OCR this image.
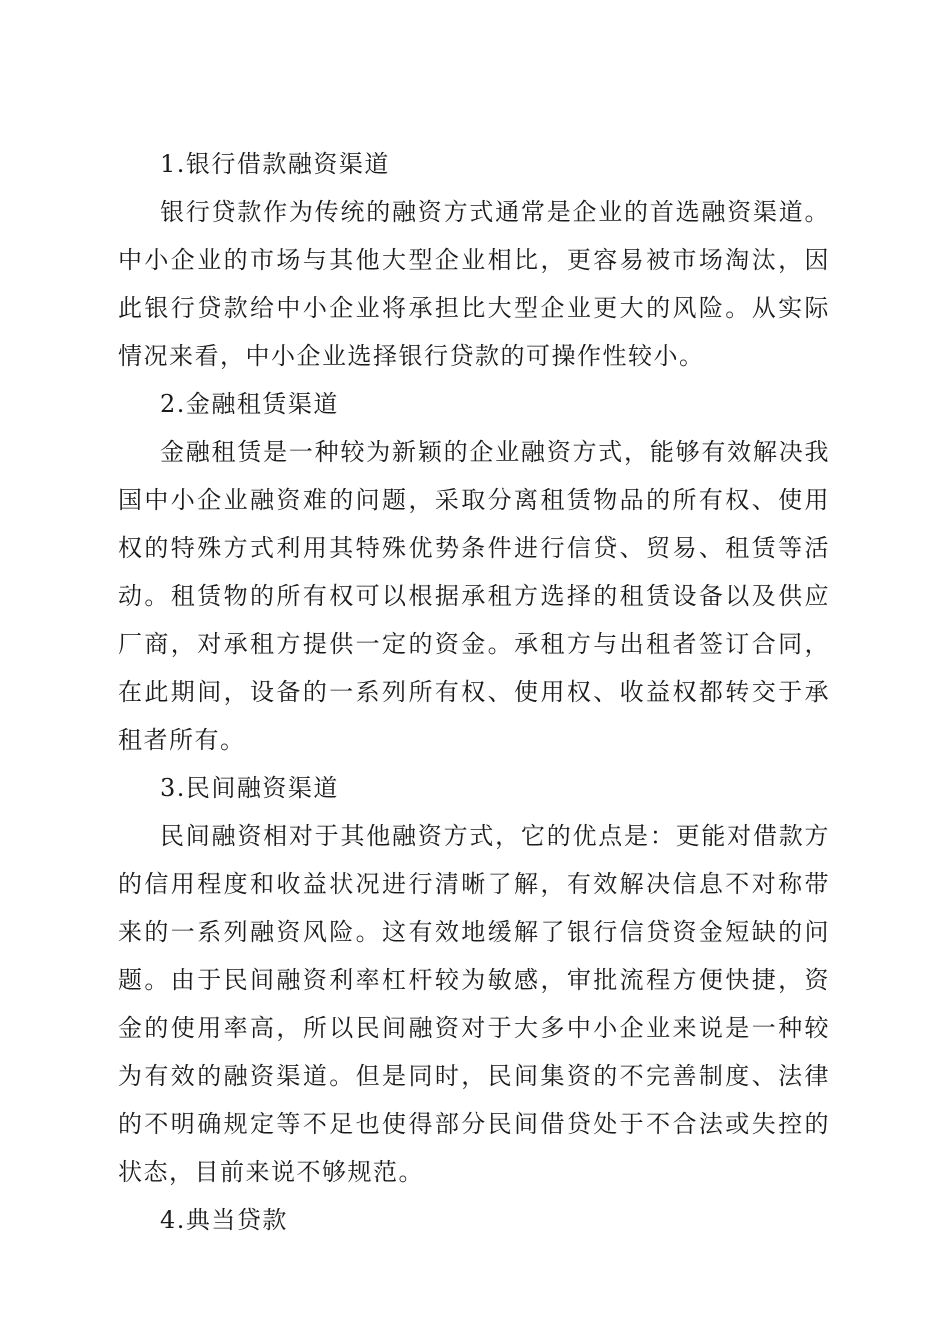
1.银行借款融资渠道

银行贷款作为传统的融资方式通常是企业的首选融资渠道。中小企业的市场与其他大型企业相比，更容易被市场淘汰，因此银行贷款给中小企业将承担比大型企业更大的风险。从实际情况来看，中小企业选择银行贷款的可操作性较小。

2.金融租赁渠道

金融租赁是一种较为新颖的企业融资方式，能够有效解决我国中小企业融资难的问题，采取分离租赁物品的所有权、使用权的特殊方式利用其特殊优势条件进行信贷、贸易、租赁等活动。租赁物的所有权可以根据承租方选择的租赁设备以及供应厂商，对承租方提供一定的资金。承租方与出租者签订合同，在此期间，设备的一系列所有权、使用权、收益权都转交于承租者所有。

3.民间融资渠道

民间融资相对于其他融资方式，它的优点是：更能对借款方的信用程度和收益状况进行清晰了解，有效解决信息不对称带来的一系列融资风险。这有效地缓解了银行信贷资金短缺的问题。由于民间融资利率杠杆较为敏感，审批流程方便快捷，资金的使用率高，所以民间融资对于大多中小企业来说是一种较为有效的融资渠道。但是同时，民间集资的不完善制度、法律的不明确规定等不足也使得部分民间借贷处于不合法或失控的状态，目前来说不够规范。

4.典当贷款
